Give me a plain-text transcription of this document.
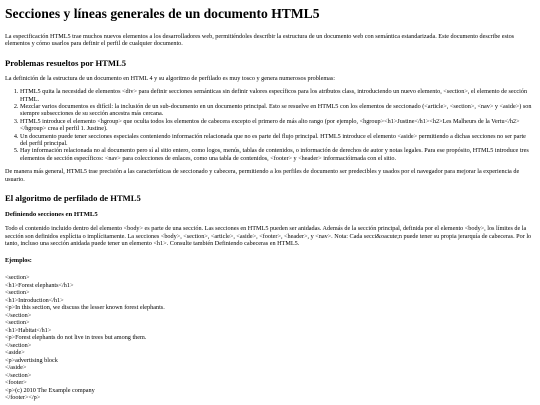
Secciones y líneas generales de un documento HTML5

La especificación HTML5 trae muchos nuevos elementos a los desarrolladores web, permitiéndoles describir la estructura de un documento web con semántica estandarizada. Este documento describe estos elementos y cómo usarlos para definir el perfil de cualquier documento.

Problemas resueltos por HTML5

La definición de la estructura de un documento en HTML 4 y su algoritmo de perfilado es muy tosco y genera numerosos problemas:

1. HTML5 quita la necesidad de elementos <div> para definir secciones semánticas sin definir valores específicos para los atributos class, introduciendo un nuevo elemento, <section>, el elemento de sección HTML.
2. Mezclar varios documentos es difícil: la inclusión de un sub-documento en un documento principal. Esto se resuelve en HTML5 con los elementos de seccionado (<article>, <section>, <nav> y <aside>) son siempre subsecciones de su sección ancestra más cercana.
3. HTML5 introduce el elemento <hgroup> que oculta todos los elementos de cabecera excepto el primero de más alto rango (por ejemplo, <hgroup><h1>Justine</h1><h2>Les Malheurs de la Vertu</h2></hgroup> crea el perfil 1. Justine).
4. Un documento puede tener secciones especiales conteniendo información relacionada que no es parte del flujo principal. HTML5 introduce el elemento <aside> permitiendo a dichas secciones no ser parte del perfil principal.
5. Hay información relacionada no al documento pero sí al sitio entero, como logos, menús, tablas de contenidos, o información de derechos de autor y notas legales. Para ese propósito, HTML5 introduce tres elementos de sección específicos: <nav> para colecciones de enlaces, como una tabla de contenidos, <footer> y <header> informacióirnada con el sitio.

De manera más general, HTML5 trae precisión a las características de seccionado y cabecera, permitiendo a los perfiles de documento ser predecibles y usados por el navegador para mejorar la experiencia de usuario.

El algoritmo de perfilado de HTML5
Definiendo secciones en HTML5

Todo el contenido incluido dentro del elemento <body> es parte de una sección. Las secciones en HTML5 pueden ser anidadas. Además de la sección principal, definida por el elemento <body>, los límites de la sección son definidos explícita o implícitamente. La secciones <body>, <section>, <article>, <aside>, <footer>, <header>, y <nav>. Nota: Cada secci&oacute;n puede tener su propia jerarquía de cabeceras. Por lo tanto, incluso una sección anidada puede tener un elemento <h1>. Consulte también Definiendo cabeceras en HTML5.

Ejemplos:
<section>
<h1>Forest elephants</h1>
<section>
<h1>Introduction</h1>
<p>In this section, we discuss the lesser known forest elephants.
</section>
<section>
<h1>Habitat</h1>
<p>Forest elephants do not live in trees but among them.
</section>
<aside>
<p>advertising block
</aside>
</section>
<footer>
<p>(c) 2010 The Example company
</footer></p>
